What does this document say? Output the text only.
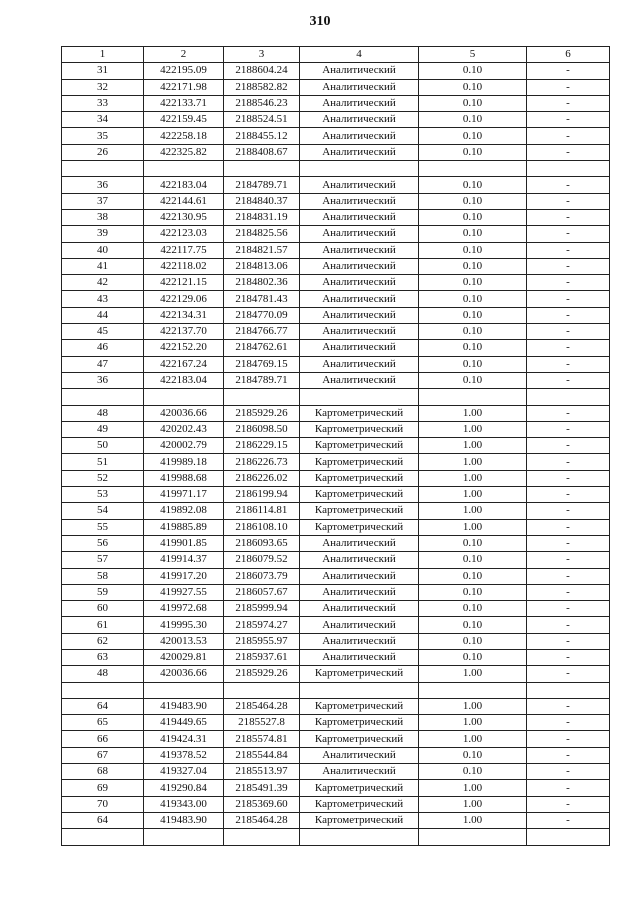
310
1	2	3	4	5	6
31	422195.09	2188604.24	Аналитический	0.10	-
32	422171.98	2188582.82	Аналитический	0.10	-
33	422133.71	2188546.23	Аналитический	0.10	-
34	422159.45	2188524.51	Аналитический	0.10	-
35	422258.18	2188455.12	Аналитический	0.10	-
26	422325.82	2188408.67	Аналитический	0.10	-

36	422183.04	2184789.71	Аналитический	0.10	-
37	422144.61	2184840.37	Аналитический	0.10	-
38	422130.95	2184831.19	Аналитический	0.10	-
39	422123.03	2184825.56	Аналитический	0.10	-
40	422117.75	2184821.57	Аналитический	0.10	-
41	422118.02	2184813.06	Аналитический	0.10	-
42	422121.15	2184802.36	Аналитический	0.10	-
43	422129.06	2184781.43	Аналитический	0.10	-
44	422134.31	2184770.09	Аналитический	0.10	-
45	422137.70	2184766.77	Аналитический	0.10	-
46	422152.20	2184762.61	Аналитический	0.10	-
47	422167.24	2184769.15	Аналитический	0.10	-
36	422183.04	2184789.71	Аналитический	0.10	-

48	420036.66	2185929.26	Картометрический	1.00	-
49	420202.43	2186098.50	Картометрический	1.00	-
50	420002.79	2186229.15	Картометрический	1.00	-
51	419989.18	2186226.73	Картометрический	1.00	-
52	419988.68	2186226.02	Картометрический	1.00	-
53	419971.17	2186199.94	Картометрический	1.00	-
54	419892.08	2186114.81	Картометрический	1.00	-
55	419885.89	2186108.10	Картометрический	1.00	-
56	419901.85	2186093.65	Аналитический	0.10	-
57	419914.37	2186079.52	Аналитический	0.10	-
58	419917.20	2186073.79	Аналитический	0.10	-
59	419927.55	2186057.67	Аналитический	0.10	-
60	419972.68	2185999.94	Аналитический	0.10	-
61	419995.30	2185974.27	Аналитический	0.10	-
62	420013.53	2185955.97	Аналитический	0.10	-
63	420029.81	2185937.61	Аналитический	0.10	-
48	420036.66	2185929.26	Картометрический	1.00	-

64	419483.90	2185464.28	Картометрический	1.00	-
65	419449.65	2185527.8	Картометрический	1.00	-
66	419424.31	2185574.81	Картометрический	1.00	-
67	419378.52	2185544.84	Аналитический	0.10	-
68	419327.04	2185513.97	Аналитический	0.10	-
69	419290.84	2185491.39	Картометрический	1.00	-
70	419343.00	2185369.60	Картометрический	1.00	-
64	419483.90	2185464.28	Картометрический	1.00	-
